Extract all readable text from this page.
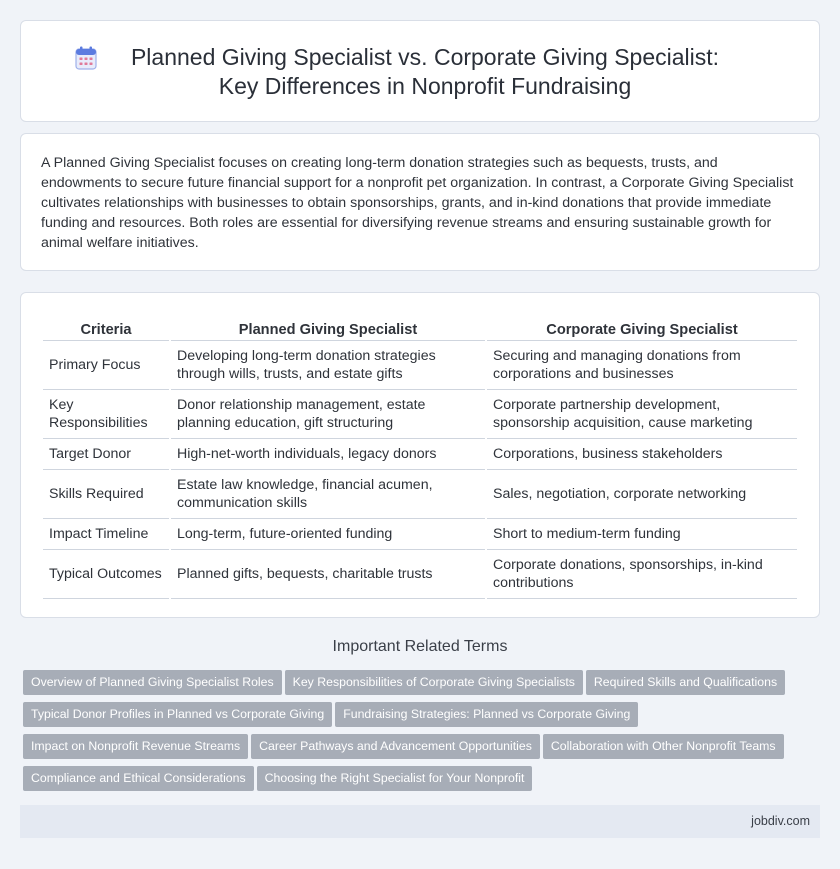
Planned Giving Specialist vs. Corporate Giving Specialist: Key Differences in Nonprofit Fundraising

A Planned Giving Specialist focuses on creating long-term donation strategies such as bequests, trusts, and endowments to secure future financial support for a nonprofit pet organization. In contrast, a Corporate Giving Specialist cultivates relationships with businesses to obtain sponsorships, grants, and in-kind donations that provide immediate funding and resources. Both roles are essential for diversifying revenue streams and ensuring sustainable growth for animal welfare initiatives.

Criteria	Planned Giving Specialist	Corporate Giving Specialist
Primary Focus	Developing long-term donation strategies through wills, trusts, and estate gifts	Securing and managing donations from corporations and businesses
Key Responsibilities	Donor relationship management, estate planning education, gift structuring	Corporate partnership development, sponsorship acquisition, cause marketing
Target Donor	High-net-worth individuals, legacy donors	Corporations, business stakeholders
Skills Required	Estate law knowledge, financial acumen, communication skills	Sales, negotiation, corporate networking
Impact Timeline	Long-term, future-oriented funding	Short to medium-term funding
Typical Outcomes	Planned gifts, bequests, charitable trusts	Corporate donations, sponsorships, in-kind contributions
Important Related Terms
Overview of Planned Giving Specialist Roles Key Responsibilities of Corporate Giving Specialists Required Skills and Qualifications
Typical Donor Profiles in Planned vs Corporate Giving Fundraising Strategies: Planned vs Corporate Giving
Impact on Nonprofit Revenue Streams Career Pathways and Advancement Opportunities Collaboration with Other Nonprofit Teams
Compliance and Ethical Considerations Choosing the Right Specialist for Your Nonprofit
jobdiv.com
